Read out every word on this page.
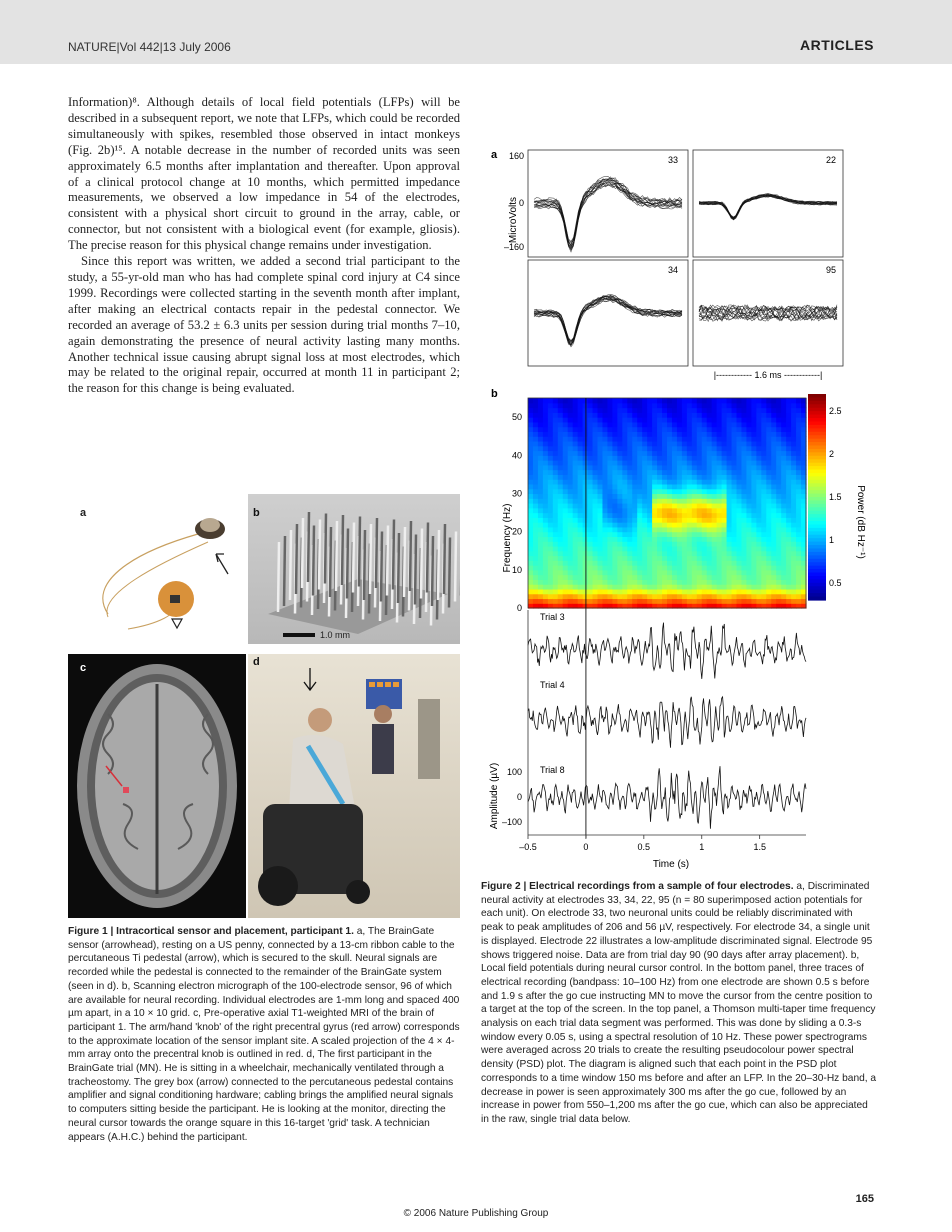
NATURE|Vol 442|13 July 2006	ARTICLES

Information)⁸. Although details of local field potentials (LFPs) will be described in a subsequent report, we note that LFPs, which could be recorded simultaneously with spikes, resembled those observed in intact monkeys (Fig. 2b)¹⁵. A notable decrease in the number of recorded units was seen approximately 6.5 months after implantation and thereafter. Upon approval of a clinical protocol change at 10 months, which permitted impedance measurements, we observed a low impedance in 54 of the electrodes, consistent with a physical short circuit to ground in the array, cable, or connector, but not consistent with a biological event (for example, gliosis). The precise reason for this physical change remains under investigation.

Since this report was written, we added a second trial participant to the study, a 55-yr-old man who has had complete spinal cord injury at C4 since 1999. Recordings were collected starting in the seventh month after implant, after making an electrical contacts repair in the pedestal connector. We recorded an average of 53.2 ± 6.3 units per session during trial months 7–10, again demonstrating the presence of neural activity lasting many months. Another technical issue causing abrupt signal loss at most electrodes, which may be related to the original repair, occurred at month 11 in participant 2; the reason for this change is being evaluated.

a	b
1.0 mm
c	d
Figure 1 | Intracortical sensor and placement, participant 1. a, The BrainGate sensor (arrowhead), resting on a US penny, connected by a 13-cm ribbon cable to the percutaneous Ti pedestal (arrow), which is secured to the skull. Neural signals are recorded while the pedestal is connected to the remainder of the BrainGate system (seen in d). b, Scanning electron micrograph of the 100-electrode sensor, 96 of which are available for neural recording. Individual electrodes are 1-mm long and spaced 400 µm apart, in a 10 × 10 grid. c, Pre-operative axial T1-weighted MRI of the brain of participant 1. The arm/hand 'knob' of the right precentral gyrus (red arrow) corresponds to the approximate location of the sensor implant site. A scaled projection of the 4 × 4-mm array onto the precentral knob is outlined in red. d, The first participant in the BrainGate trial (MN). He is sitting in a wheelchair, mechanically ventilated through a tracheostomy. The grey box (arrow) connected to the percutaneous pedestal contains amplifier and signal conditioning hardware; cabling brings the amplified neural signals to computers sitting beside the participant. He is looking at the monitor, directing the neural cursor towards the orange square in this 16-target 'grid' task. A technician appears (A.H.C.) behind the participant.
a
MicroVolts
160
0
–160
33	22
34	95
|------------ 1.6 ms ------------|
b
0
10
20
30
40
50
2.5
2
1.5
1
0.5
Frequency (Hz)	Power (dB Hz⁻¹)
Trial 3
Trial 4
Trial 8
100
0
–100
–0.5	0	0.5	1	1.5
Amplitude (µV)
Time (s)
Figure 2 | Electrical recordings from a sample of four electrodes. a, Discriminated neural activity at electrodes 33, 34, 22, 95 (n = 80 superimposed action potentials for each unit). On electrode 33, two neuronal units could be reliably discriminated with peak to peak amplitudes of 206 and 56 µV, respectively. For electrode 34, a single unit is displayed. Electrode 22 illustrates a low-amplitude discriminated signal. Electrode 95 shows triggered noise. Data are from trial day 90 (90 days after array placement). b, Local field potentials during neural cursor control. In the bottom panel, three traces of electrical recording (bandpass: 10–100 Hz) from one electrode are shown 0.5 s before and 1.9 s after the go cue instructing MN to move the cursor from the centre position to a target at the top of the screen. In the top panel, a Thomson multi-taper time frequency analysis on each trial data segment was performed. This was done by sliding a 0.3-s window every 0.05 s, using a spectral resolution of 10 Hz. These power spectrograms were averaged across 20 trials to create the resulting pseudocolour power spectral density (PSD) plot. The diagram is aligned such that each point in the PSD plot corresponds to a time window 150 ms before and after an LFP. In the 20–30-Hz band, a decrease in power is seen approximately 300 ms after the go cue, followed by an increase in power from 550–1,200 ms after the go cue, which can also be appreciated in the raw, single trial data below.
165
© 2006 Nature Publishing Group
